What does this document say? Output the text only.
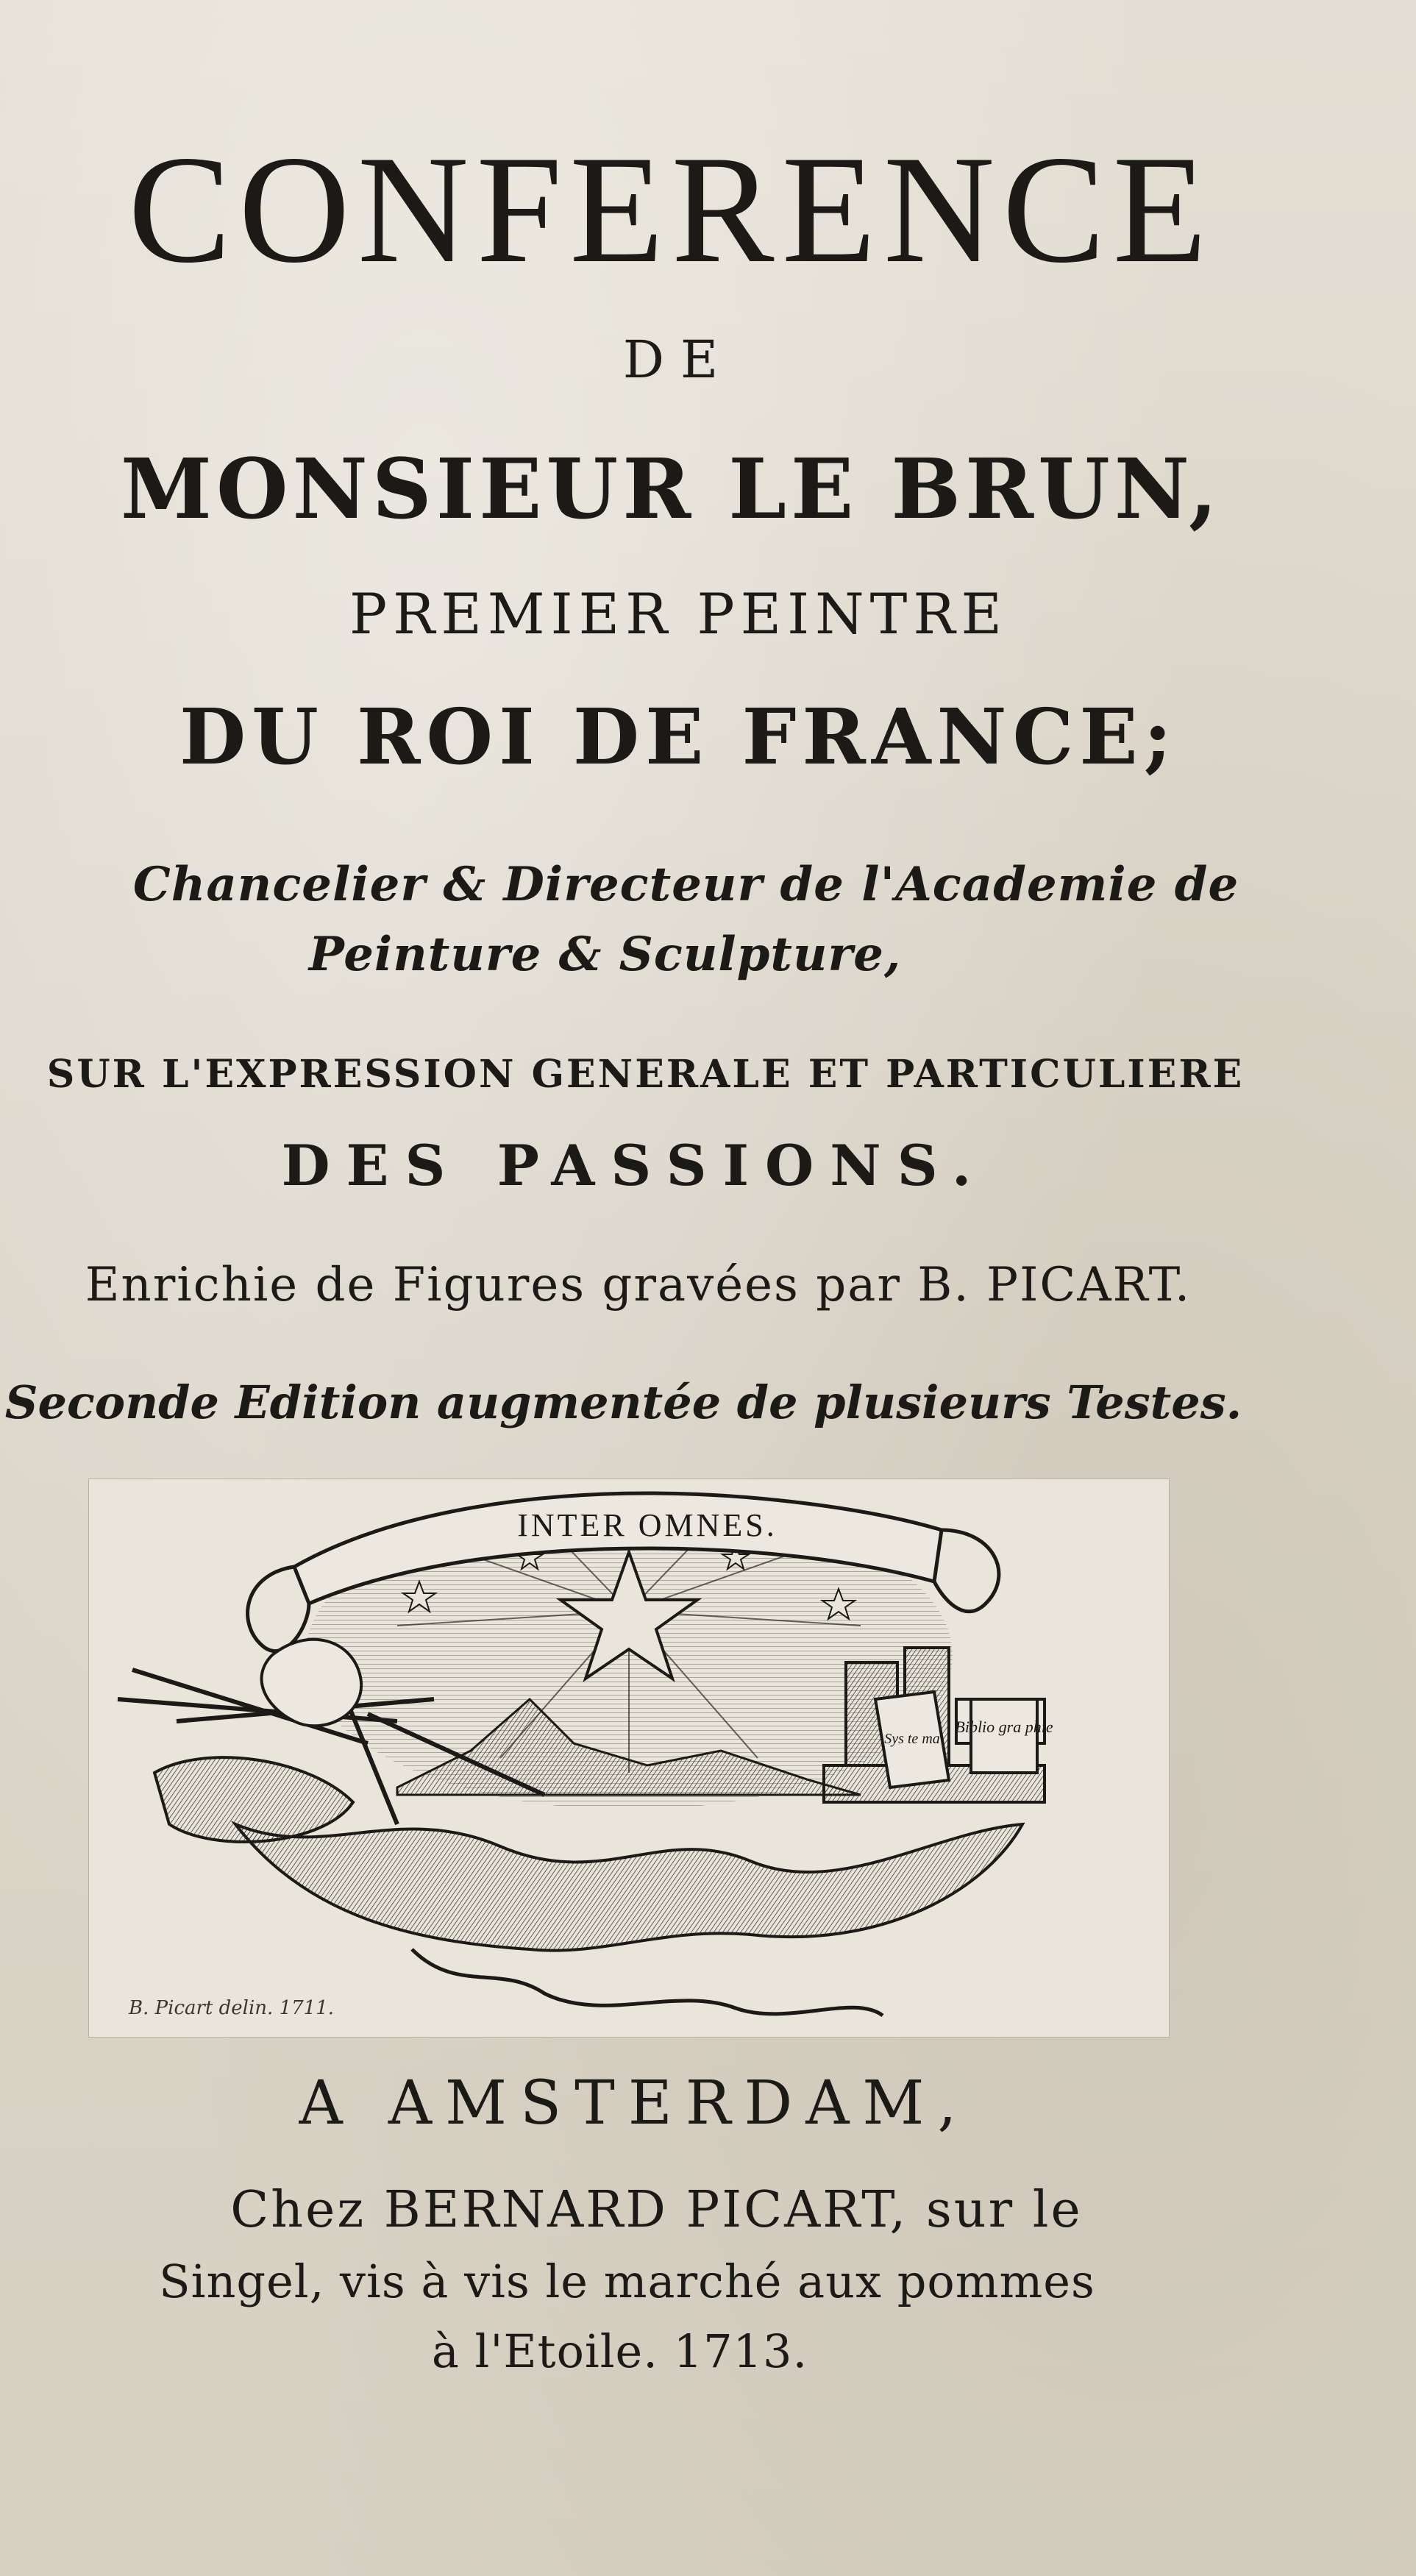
CONFERENCE
DE
MONSIEUR LE BRUN,
PREMIER PEINTRE
DU ROI DE FRANCE;
Chancelier & Directeur de l'Academie de
Peinture & Sculpture,
SUR L'EXPRESSION GENERALE ET PARTICULIERE
DES PASSIONS.
Enrichie de Figures gravées par B. PICART.
Seconde Edition augmentée de plusieurs Testes.
INTER OMNES.
Biblio gra phie
Sys te ma
B. Picart delin. 1711.
A AMSTERDAM,
Chez BERNARD PICART, sur le
Singel, vis à vis le marché aux pommes
à l'Etoile. 1713.
